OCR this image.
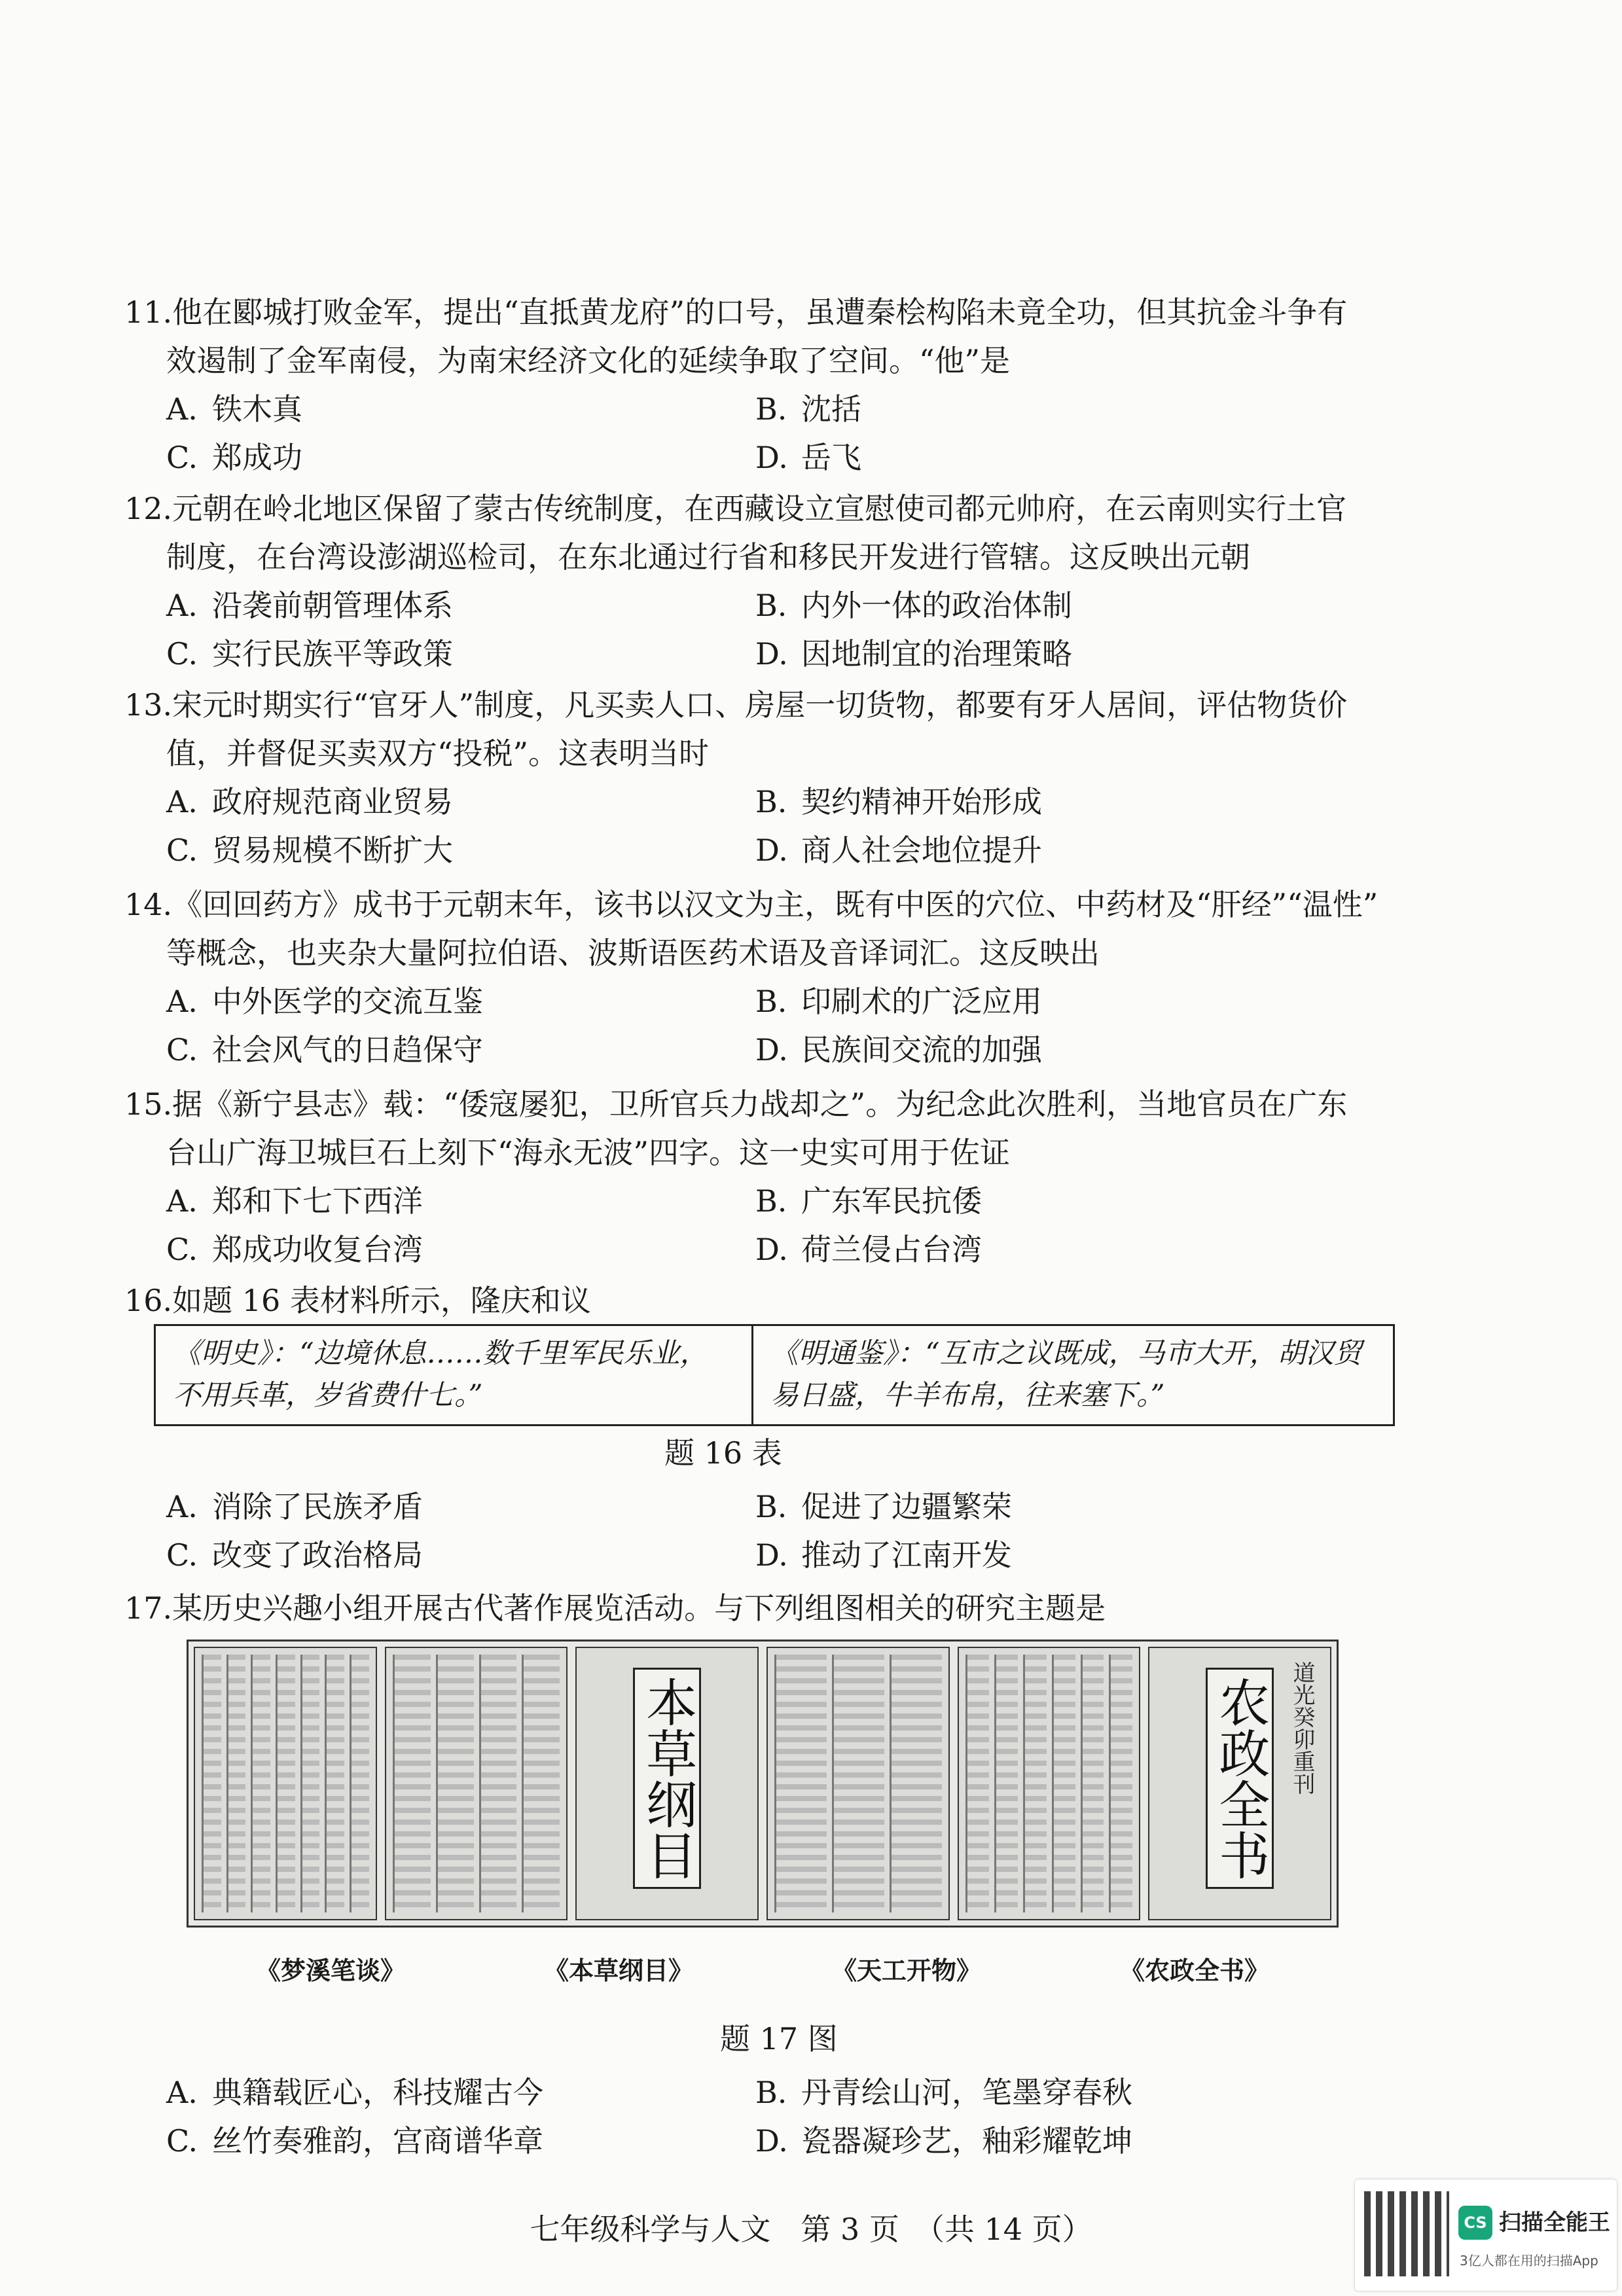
11.他在郾城打败金军，提出“直抵黄龙府”的口号，虽遭秦桧构陷未竟全功，但其抗金斗争有
效遏制了金军南侵，为南宋经济文化的延续争取了空间。“他”是

A. 铁木真	B. 沈括
C. 郑成功	D. 岳飞

12.元朝在岭北地区保留了蒙古传统制度，在西藏设立宣慰使司都元帅府，在云南则实行土官
制度，在台湾设澎湖巡检司，在东北通过行省和移民开发进行管辖。这反映出元朝

A. 沿袭前朝管理体系	B. 内外一体的政治体制
C. 实行民族平等政策	D. 因地制宜的治理策略

13.宋元时期实行“官牙人”制度，凡买卖人口、房屋一切货物，都要有牙人居间，评估物货价
值，并督促买卖双方“投税”。这表明当时

A. 政府规范商业贸易	B. 契约精神开始形成
C. 贸易规模不断扩大	D. 商人社会地位提升

14.《回回药方》成书于元朝末年，该书以汉文为主，既有中医的穴位、中药材及“肝经”“温性”
等概念，也夹杂大量阿拉伯语、波斯语医药术语及音译词汇。这反映出

A. 中外医学的交流互鉴	B. 印刷术的广泛应用
C. 社会风气的日趋保守	D. 民族间交流的加强

15.据《新宁县志》载：“倭寇屡犯，卫所官兵力战却之”。为纪念此次胜利，当地官员在广东
台山广海卫城巨石上刻下“海永无波”四字。这一史实可用于佐证

A. 郑和下七下西洋	B. 广东军民抗倭
C. 郑成功收复台湾	D. 荷兰侵占台湾

16.如题 16 表材料所示，隆庆和议

《明史》：“边境休息……数千里军民乐业，不用兵革，岁省费什七。”
《明通鉴》：“互市之议既成，马市大开，胡汉贸易日盛，牛羊布帛，往来塞下。”
题 16 表
A. 消除了民族矛盾	B. 促进了边疆繁荣
C. 改变了政治格局	D. 推动了江南开发

17.某历史兴趣小组开展古代著作展览活动。与下列组图相关的研究主题是

本草纲目	农政全书 道光癸卯重刊
《梦溪笔谈》	《本草纲目》	《天工开物》	《农政全书》
题 17 图
A. 典籍载匠心，科技耀古今	B. 丹青绘山河，笔墨穿春秋
C. 丝竹奏雅韵，宫商谱华章	D. 瓷器凝珍艺，釉彩耀乾坤
七年级科学与人文　第 3 页　（共 14 页）	CS 扫描全能王
3亿人都在用的扫描App
